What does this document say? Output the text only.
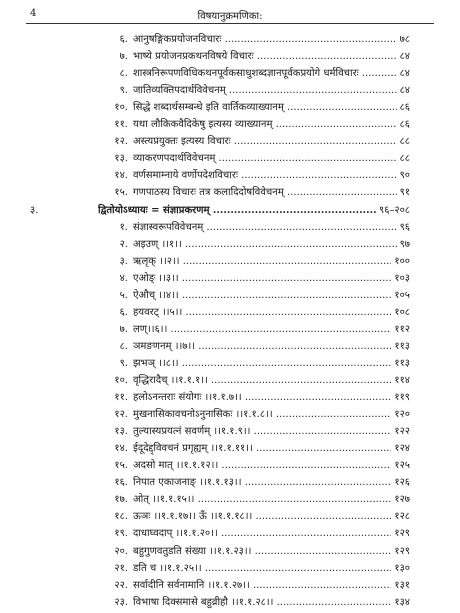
4	विषयानुक्रमणिका:
६. आनुषङ्गिकप्रयोजनविचारः .....	७८
७. भाष्ये प्रयोजनप्रकथनविषये विचारः .....	८४
८. शास्त्रनिरूपणविधिकथनपूर्वकसाधुशब्दज्ञानपूर्वकप्रयोगे धर्मविचारः .....	८४
९. जातिव्यक्तिपदार्थविवेचनम् .....	८४
१०. सिद्धे शब्दार्थसम्बन्धे इति वार्तिकव्याख्यानम् .....	८६
११. यथा लौकिकवैदिकेषु इत्यस्य व्याख्यानम् .....	८६
१२. अस्त्यप्रयुक्तः इत्यस्य विचारः .....	८८
१३. व्याकरणपदार्थविवेचनम् .....	८८
१४. वर्णसमाम्नाये वर्णोपदेशविचारः .....	९०
१५. गणपाठस्य विचारः तत्र कलादिदोषविवेचनम् .....	९१
३.	द्वितोयोऽध्यायः = संज्ञाप्रकरणम् .....	९६–२०८
१. संज्ञास्वरूपविवेचनम् .....	९६
२. अइउण् ।।१।। .....	९७
३. ऋलृक् ।।२।। .....	१००
४. एओङ् ।।३।। .....	१०३
५. ऐऔच् ।।४।। .....	१०५
६. हयवरट् ।।५।। .....	१०८
७. लण्।।६।। .....	११२
८. ञमङणनम् ।।७।। .....	११३
९. झभञ् ।।८।। .....	११३
१०. वृद्धिरादैच् ।।१.१.१।। .....	११४
११. हलोऽनन्तराः संयोगः ।।१.१.७।। .....	११९
१२. मुखनासिकावचनोऽनुनासिकः ।।१.१.८।। .....	१२०
१३. तुल्यास्यप्रयत्नं सवर्णम् ।।१.१.९।। .....	१२२
१४. ईदूदेद्द्विवचनं प्रगृह्यम् ।।१.१.११।। .....	१२४
१५. अदसो मात् ।।१.१.१२।। .....	१२५
१६. निपात एकाजनाङ् ।।१.१.१३।। .....	१२६
१७. ओत् ।।१.१.१५।। .....	१२७
१८. ऊञः ।।१.१.१७।। ऊँ ।।१.१.१८।। .....	१२८
१९. दाधाघ्वदाप् ।।१.१.२०।। .....	१२९
२०. बहुगुणवतुडति संख्या ।।१.१.२३।। .....	१२९
२१. डति च ।।१.१.२५।। .....	१३०
२२. सर्वादीनि सर्वनामानि ।।१.१.२७।। .....	१३१
२३. विभाषा दिक्समासे बहुव्रीहौ ।।१.१.२८।। .....	१३४
